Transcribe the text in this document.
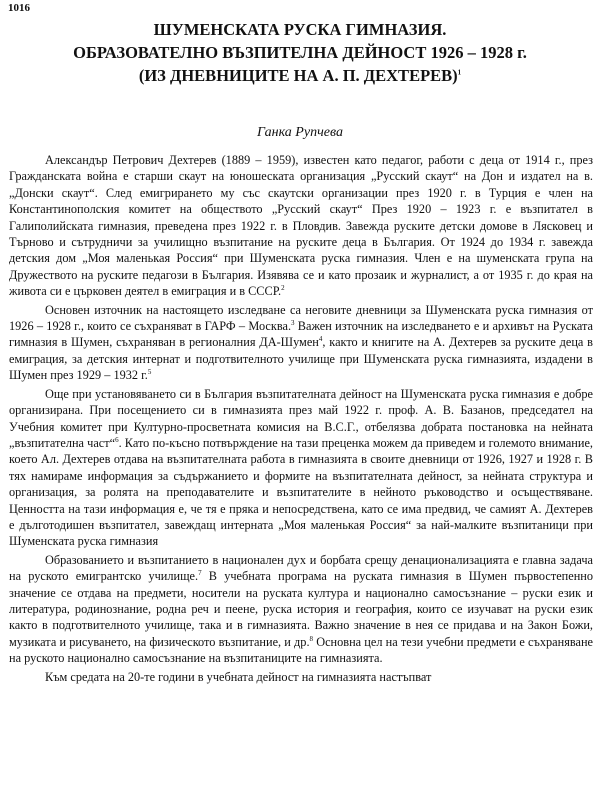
1016
ШУМЕНСКАТА РУСКА ГИМНАЗИЯ.
ОБРАЗОВАТЕЛНО ВЪЗПИТЕЛНА ДЕЙНОСТ 1926 – 1928 г.
(ИЗ ДНЕВНИЦИТЕ НА А. П. ДЕХТЕРЕВ)$^1$
Ганка Рупчева

Александър Петрович Дехтерев (1889 – 1959), известен като педагог, работи с деца от 1914 г., през Гражданската война е старши скаут на юношеската организация „Русский скаут“ на Дон и издател на в. „Донски скаут“. След емигрирането му със скаутски организации през 1920 г. в Турция е член на Константинополския комитет на обществото „Русский скаут“ През 1920 – 1923 г. е възпитател в Галиполийската гимназия, преведена през 1922 г. в Пловдив. Завежда руските детски домове в Лясковец и Търново и сътрудничи за училищно възпитание на руските деца в България. От 1924 до 1934 г. завежда детския дом „Моя маленькая Россия“ при Шуменската руска гимназия. Член е на шуменската група на Дружеството на руските педагози в България. Изявява се и като прозаик и журналист, а от 1935 г. до края на живота си е църковен деятел в емиграция и в СССР.$^2$

Основен източник на настоящето изследване са неговите дневници за Шуменската руска гимназия от 1926 – 1928 г., които се съхраняват в ГАРФ – Москва.$^3$ Важен източник на изследването е и архивът на Руската гимназия в Шумен, съхраняван в регионалния ДА-Шумен$^4$, както и книгите на А. Дехтерев за руските деца в емиграция, за детския интернат и подготвителното училище при Шуменската руска гимназията, издадени в Шумен през 1929 – 1932 г.$^5$

Още при установяването си в България възпитателната дейност на Шуменската руска гимназия е добре организирана. При посещението си в гимназията през май 1922 г. проф. А. В. Базанов, председател на Учебния комитет при Културно-просветната комисия на В.С.Г., отбелязва добрата постановка на нейната „възпитателна част“$^6$. Като по-късно потвърждение на тази преценка можем да приведем и големото внимание, което Ал. Дехтерев отдава на възпитателната работа в гимназията в своите дневници от 1926, 1927 и 1928 г. В тях намираме информация за съдържанието и формите на възпитателната дейност, за нейната структура и организация, за ролята на преподавателите и възпитателите в нейното ръководство и осъществяване. Ценността на тази информация е, че тя е пряка и непосредствена, като се има предвид, че самият А. Дехтерев е дълготодишен възпитател, завеждащ интерната „Моя маленькая Россия“ за най-малките възпитаници при Шуменската руска гимназия

Образованието и възпитанието в национален дух и борбата срещу денационализацията е главна задача на руското емигрантско училище.$^7$ В учебната програма на руската гимназия в Шумен първостепенно значение се отдава на предмети, носители на руската култура и национално самосъзнание – руски език и литература, родинознание, родна реч и пеене, руска история и география, които се изучават на руски език както в подготвителното училище, така и в гимназията. Важно значение в нея се придава и на Закон Божи, музиката и рисуването, на физическото възпитание, и др.$^8$ Основна цел на тези учебни предмети е съхраняване на руското национално самосъзнание на възпитаниците на гимназията.

Към средата на 20-те години в учебната дейност на гимназията настъпват
